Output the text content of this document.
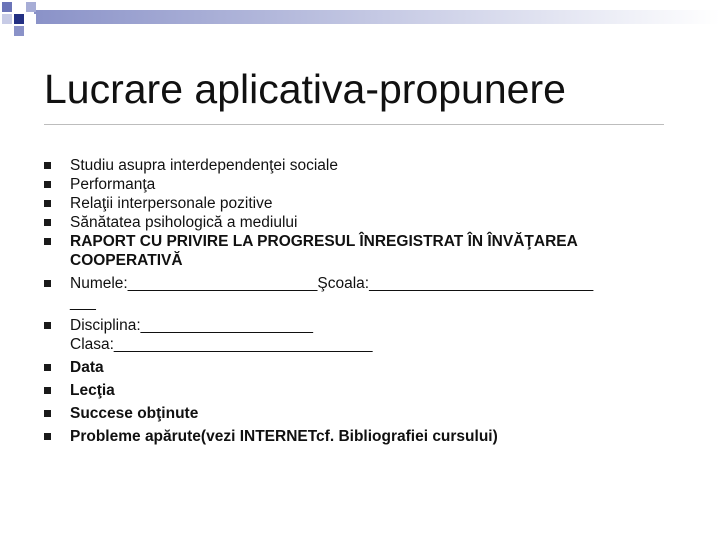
Lucrare aplicativa-propunere
Studiu asupra interdependenţei sociale
Performanţa
Relaţii interpersonale pozitive
Sănătatea psihologică a mediului
RAPORT CU PRIVIRE LA PROGRESUL ÎNREGISTRAT ÎN ÎNVĂŢAREA
COOPERATIVĂ
Numele:______________________Şcoala:__________________________
___
Disciplina:____________________
Clasa:______________________________
Data
Lecţia
Succese obţinute
Probleme apărute(vezi INTERNETcf. Bibliografiei cursului)
